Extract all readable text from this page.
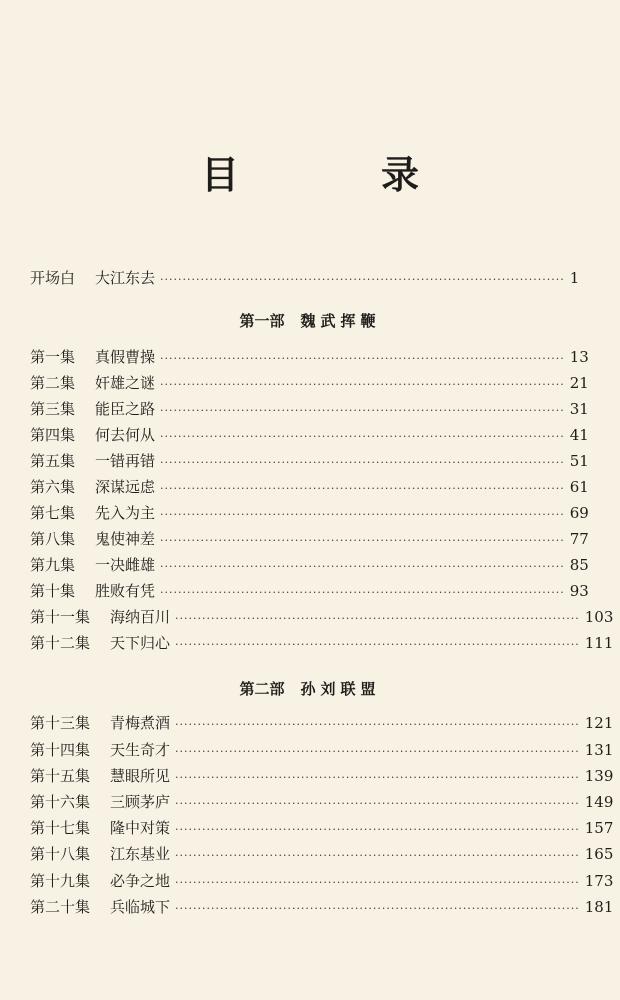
目　录
开场白 大江东去 ·························································································· 1
第一部 魏武挥鞭
第一集 真假曹操 ·························································································· 13
第二集 奸雄之谜 ·························································································· 21
第三集 能臣之路 ·························································································· 31
第四集 何去何从 ·························································································· 41
第五集 一错再错 ·························································································· 51
第六集 深谋远虑 ·························································································· 61
第七集 先入为主 ·························································································· 69
第八集 鬼使神差 ·························································································· 77
第九集 一决雌雄 ·························································································· 85
第十集 胜败有凭 ·························································································· 93
第十一集 海纳百川 ·························································································· 103
第十二集 天下归心 ·························································································· 111
第二部 孙刘联盟
第十三集 青梅煮酒 ·························································································· 121
第十四集 天生奇才 ·························································································· 131
第十五集 慧眼所见 ·························································································· 139
第十六集 三顾茅庐 ·························································································· 149
第十七集 隆中对策 ·························································································· 157
第十八集 江东基业 ·························································································· 165
第十九集 必争之地 ·························································································· 173
第二十集 兵临城下 ·························································································· 181
